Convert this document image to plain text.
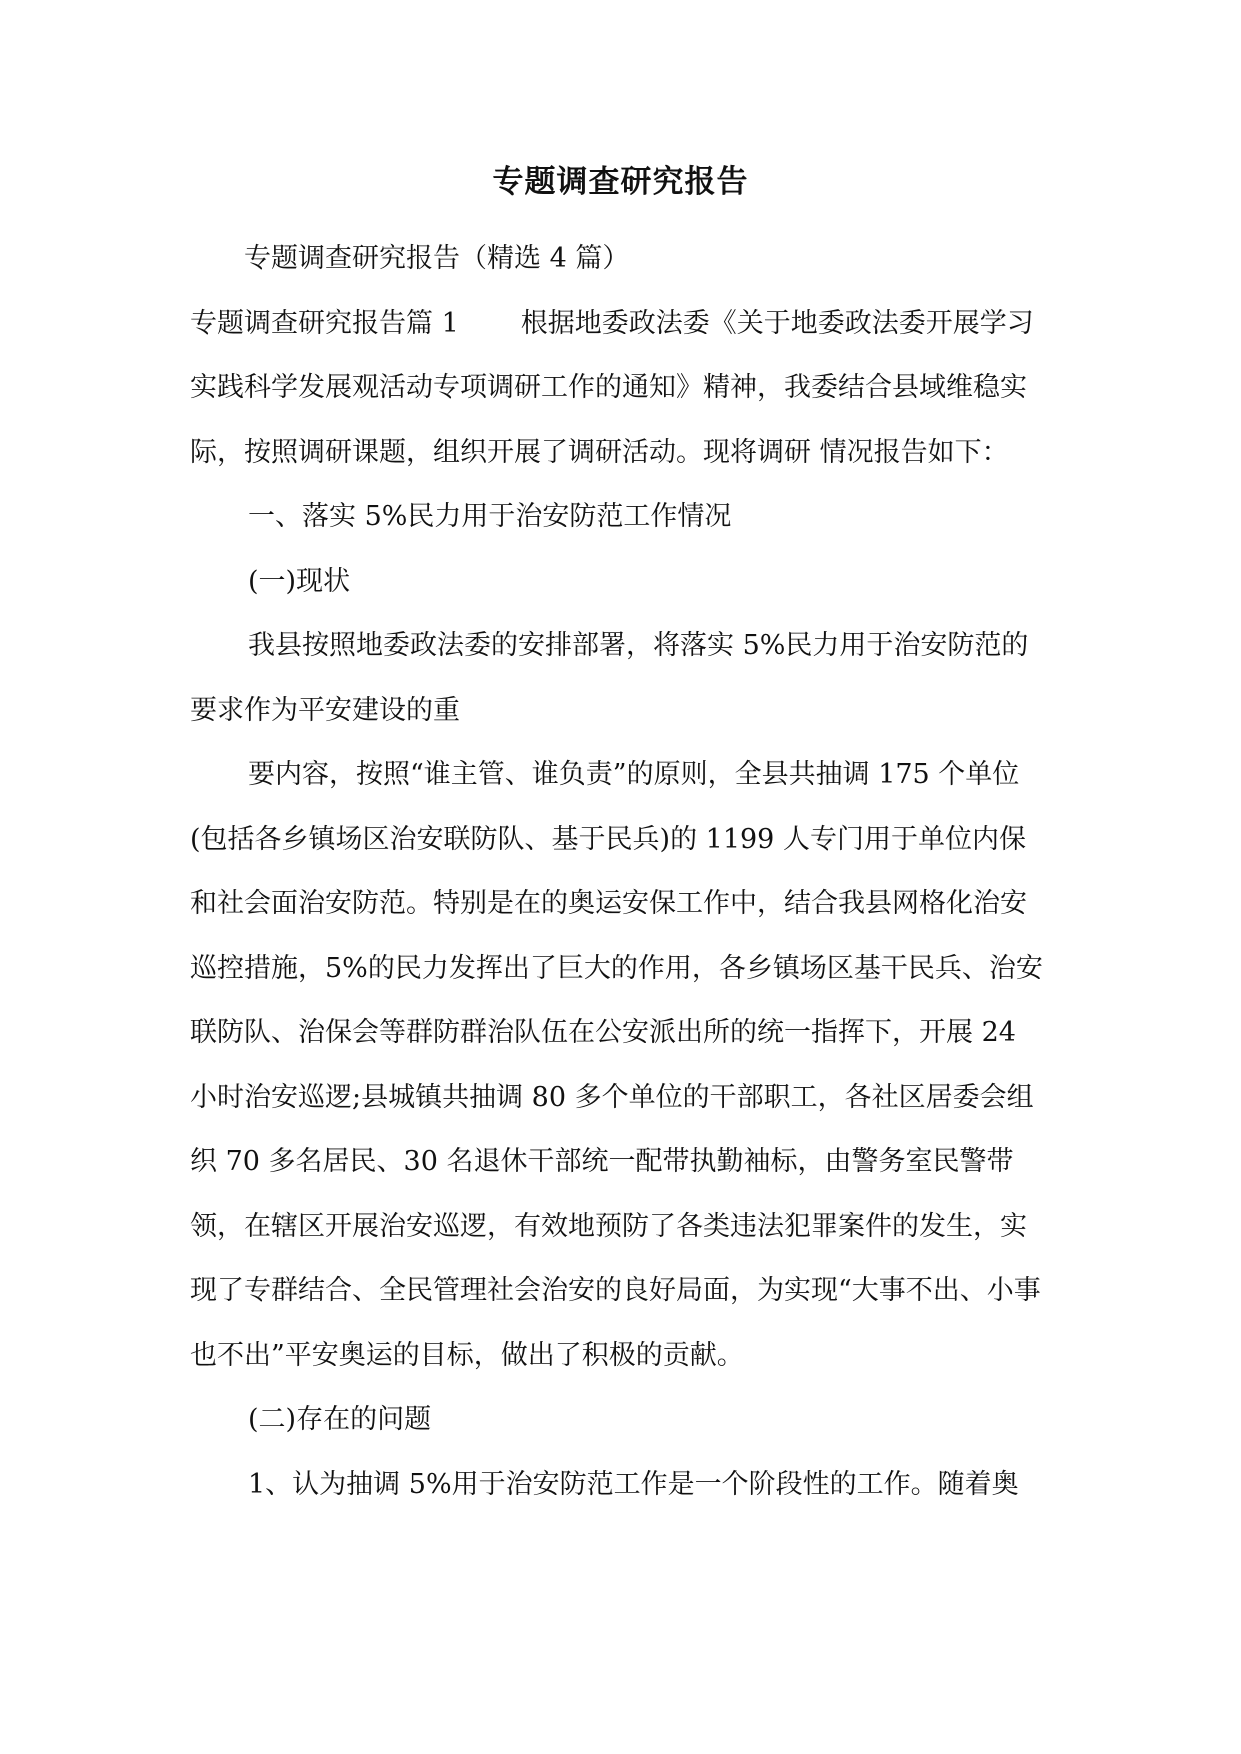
专题调查研究报告

专题调查研究报告（精选 4 篇）

专题调查研究报告篇 1 根据地委政法委《关于地委政法委开展学习实践科学发展观活动专项调研工作的通知》精神，我委结合县域维稳实际，按照调研课题，组织开展了调研活动。现将调研 情况报告如下：

一、落实 5%民力用于治安防范工作情况

(一)现状

我县按照地委政法委的安排部署，将落实 5%民力用于治安防范的要求作为平安建设的重

要内容，按照“谁主管、谁负责”的原则，全县共抽调 175 个单位(包括各乡镇场区治安联防队、基于民兵)的 1199 人专门用于单位内保和社会面治安防范。特别是在的奥运安保工作中，结合我县网格化治安巡控措施，5%的民力发挥出了巨大的作用，各乡镇场区基干民兵、治安联防队、治保会等群防群治队伍在公安派出所的统一指挥下，开展 24 小时治安巡逻;县城镇共抽调 80 多个单位的干部职工，各社区居委会组织 70 多名居民、30 名退休干部统一配带执勤袖标，由警务室民警带领，在辖区开展治安巡逻，有效地预防了各类违法犯罪案件的发生，实现了专群结合、全民管理社会治安的良好局面，为实现“大事不出、小事也不出”平安奥运的目标，做出了积极的贡献。

(二)存在的问题

1、认为抽调 5%用于治安防范工作是一个阶段性的工作。随着奥
